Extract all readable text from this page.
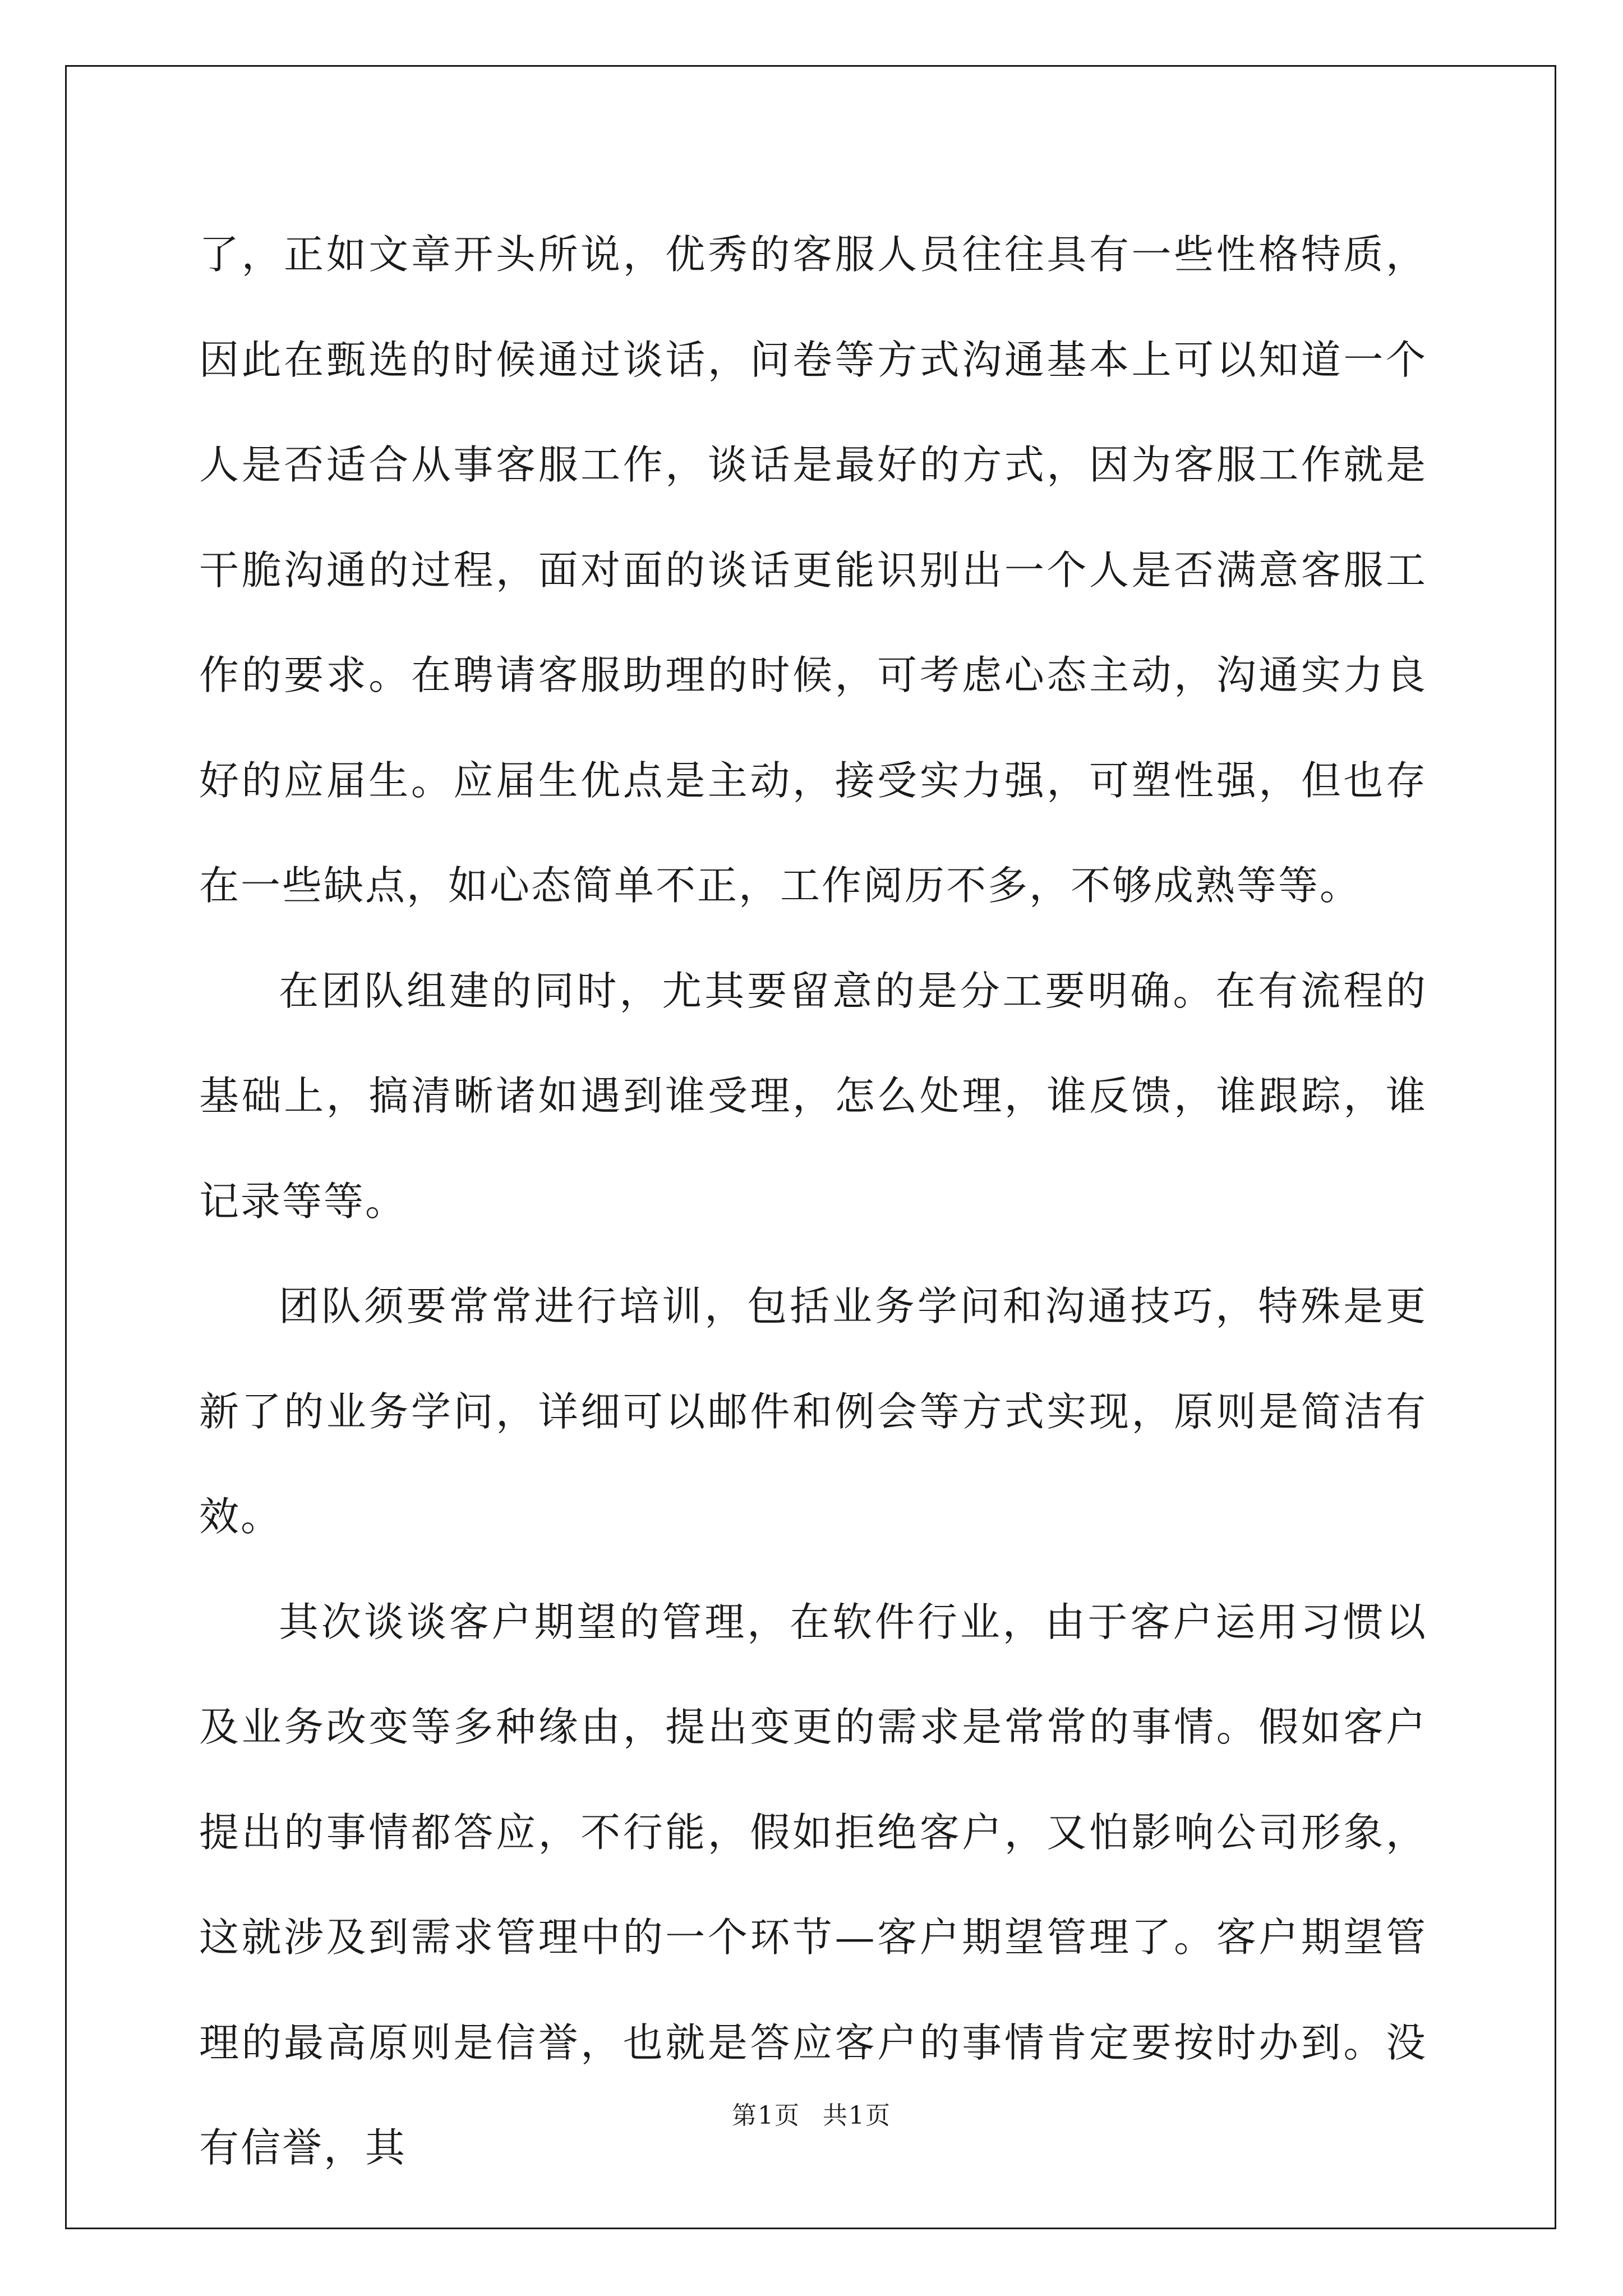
了，正如文章开头所说，优秀的客服人员往往具有一些性格特质，因此在甄选的时候通过谈话，问卷等方式沟通基本上可以知道一个人是否适合从事客服工作，谈话是最好的方式，因为客服工作就是干脆沟通的过程，面对面的谈话更能识别出一个人是否满意客服工作的要求。在聘请客服助理的时候，可考虑心态主动，沟通实力良好的应届生。应届生优点是主动，接受实力强，可塑性强，但也存在一些缺点，如心态简单不正，工作阅历不多，不够成熟等等。

在团队组建的同时，尤其要留意的是分工要明确。在有流程的基础上，搞清晰诸如遇到谁受理，怎么处理，谁反馈，谁跟踪，谁记录等等。

团队须要常常进行培训，包括业务学问和沟通技巧，特殊是更新了的业务学问，详细可以邮件和例会等方式实现，原则是简洁有效。

其次谈谈客户期望的管理，在软件行业，由于客户运用习惯以及业务改变等多种缘由，提出变更的需求是常常的事情。假如客户提出的事情都答应，不行能，假如拒绝客户，又怕影响公司形象，这就涉及到需求管理中的一个环节—客户期望管理了。客户期望管理的最高原则是信誉，也就是答应客户的事情肯定要按时办到。没有信誉，其

第1页 共1页
